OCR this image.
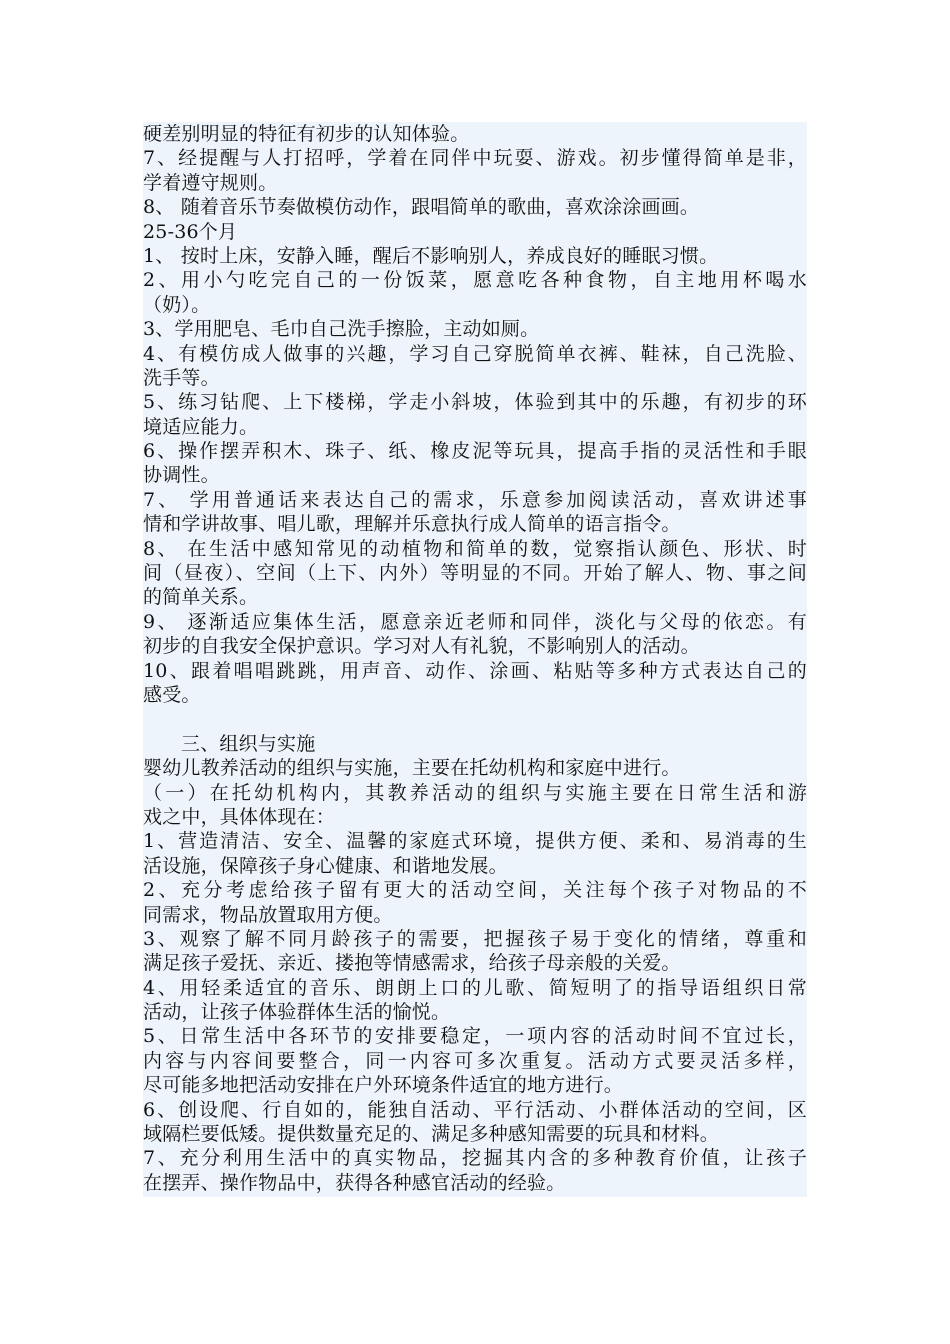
硬差别明显的特征有初步的认知体验。
7、经提醒与人打招呼，学着在同伴中玩耍、游戏。初步懂得简单是非，
学着遵守规则。
8、 随着音乐节奏做模仿动作，跟唱简单的歌曲，喜欢涂涂画画。
25-36个月
1、 按时上床，安静入睡，醒后不影响别人，养成良好的睡眠习惯。
2、用小勺吃完自己的一份饭菜，愿意吃各种食物，自主地用杯喝水
（奶）。
3、学用肥皂、毛巾自己洗手擦脸，主动如厕。
4、有模仿成人做事的兴趣，学习自己穿脱简单衣裤、鞋袜，自己洗脸、
洗手等。
5、练习钻爬、上下楼梯，学走小斜坡，体验到其中的乐趣，有初步的环
境适应能力。
6、操作摆弄积木、珠子、纸、橡皮泥等玩具，提高手指的灵活性和手眼
协调性。
7、 学用普通话来表达自己的需求，乐意参加阅读活动，喜欢讲述事
情和学讲故事、唱儿歌，理解并乐意执行成人简单的语言指令。
8、 在生活中感知常见的动植物和简单的数，觉察指认颜色、形状、时
间（昼夜）、空间（上下、内外）等明显的不同。开始了解人、物、事之间
的简单关系。
9、 逐渐适应集体生活，愿意亲近老师和同伴，淡化与父母的依恋。有
初步的自我安全保护意识。学习对人有礼貌，不影响别人的活动。
10、跟着唱唱跳跳，用声音、动作、涂画、粘贴等多种方式表达自己的
感受。
三、组织与实施
婴幼儿教养活动的组织与实施，主要在托幼机构和家庭中进行。
（一）在托幼机构内，其教养活动的组织与实施主要在日常生活和游
戏之中，具体体现在：
1、营造清洁、安全、温馨的家庭式环境，提供方便、柔和、易消毒的生
活设施，保障孩子身心健康、和谐地发展。
2、充分考虑给孩子留有更大的活动空间，关注每个孩子对物品的不
同需求，物品放置取用方便。
3、观察了解不同月龄孩子的需要，把握孩子易于变化的情绪，尊重和
满足孩子爱抚、亲近、搂抱等情感需求，给孩子母亲般的关爱。
4、用轻柔适宜的音乐、朗朗上口的儿歌、简短明了的指导语组织日常
活动，让孩子体验群体生活的愉悦。
5、日常生活中各环节的安排要稳定，一项内容的活动时间不宜过长，
内容与内容间要整合，同一内容可多次重复。活动方式要灵活多样，
尽可能多地把活动安排在户外环境条件适宜的地方进行。
6、创设爬、行自如的，能独自活动、平行活动、小群体活动的空间，区
域隔栏要低矮。提供数量充足的、满足多种感知需要的玩具和材料。
7、充分利用生活中的真实物品，挖掘其内含的多种教育价值，让孩子
在摆弄、操作物品中，获得各种感官活动的经验。
